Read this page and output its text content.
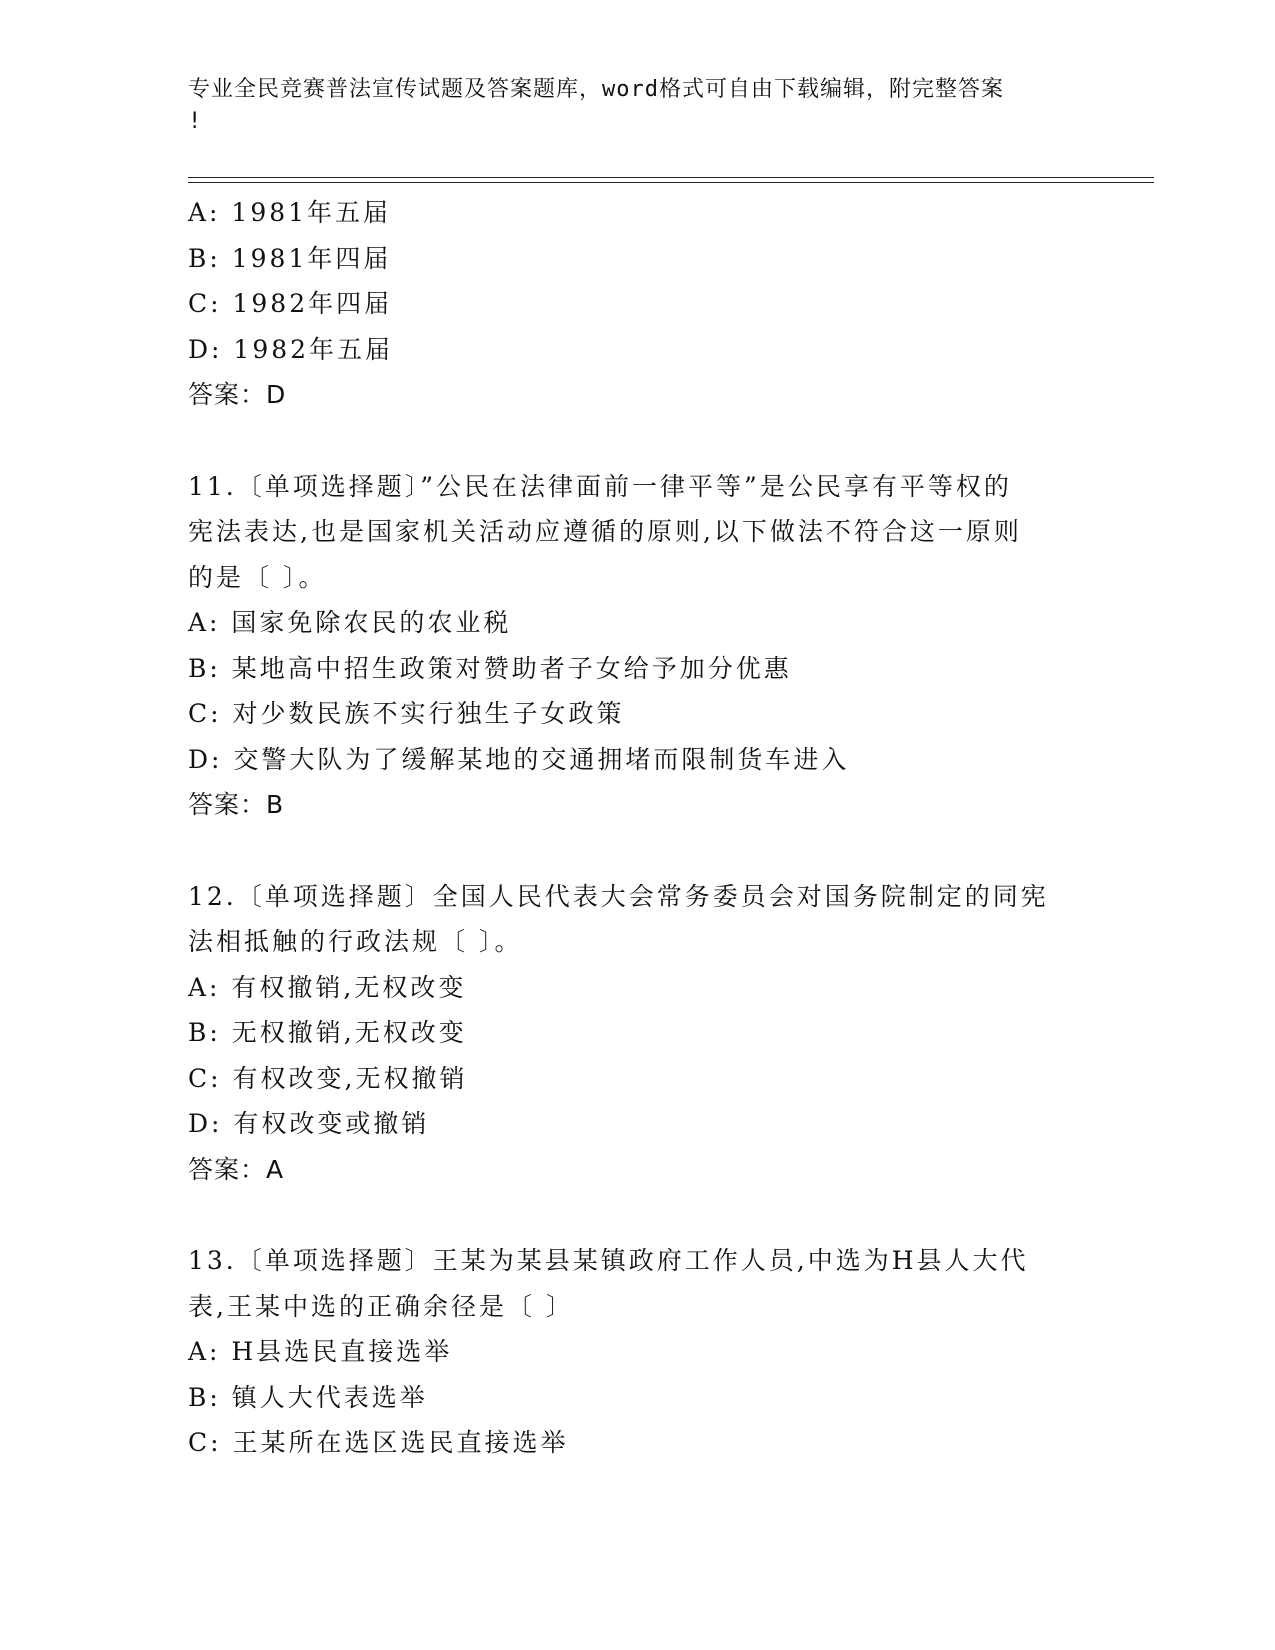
专业全民竞赛普法宣传试题及答案题库，word格式可自由下载编辑，附完整答案
!
A: 1981年五届
B: 1981年四届
C: 1982年四届
D: 1982年五届
答案：D
11.〔单项选择题〕”公民在法律面前一律平等”是公民享有平等权的
宪法表达,也是国家机关活动应遵循的原则,以下做法不符合这一原则
的是〔 〕。
A: 国家免除农民的农业税
B: 某地高中招生政策对赞助者子女给予加分优惠
C: 对少数民族不实行独生子女政策
D: 交警大队为了缓解某地的交通拥堵而限制货车进入
答案：B
12.〔单项选择题〕全国人民代表大会常务委员会对国务院制定的同宪
法相抵触的行政法规〔 〕。
A: 有权撤销,无权改变
B: 无权撤销,无权改变
C: 有权改变,无权撤销
D: 有权改变或撤销
答案：A
13.〔单项选择题〕王某为某县某镇政府工作人员,中选为H县人大代
表,王某中选的正确余径是〔 〕
A: H县选民直接选举
B: 镇人大代表选举
C: 王某所在选区选民直接选举
